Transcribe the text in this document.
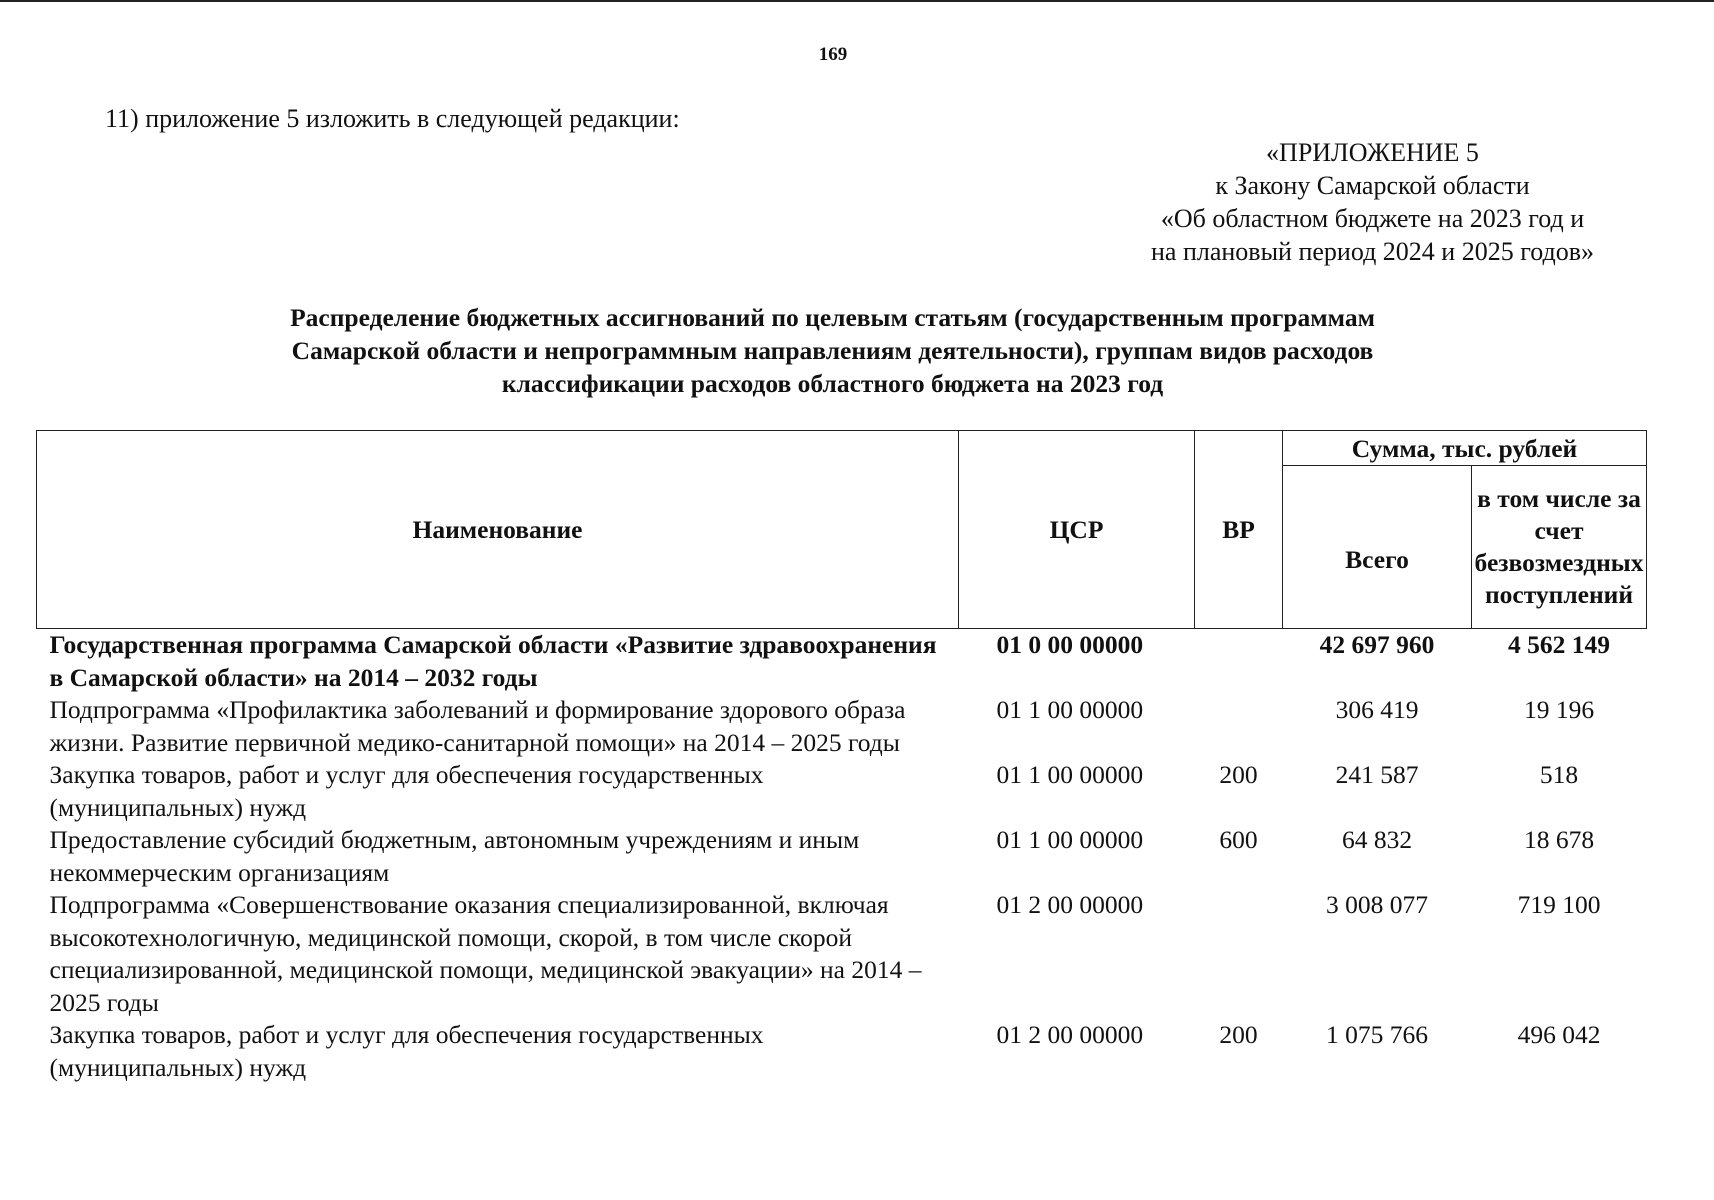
169
11) приложение 5 изложить в следующей редакции:
«ПРИЛОЖЕНИЕ 5
к Закону Самарской области
«Об областном бюджете на 2023 год и
на плановый период 2024 и 2025 годов»
Распределение бюджетных ассигнований по целевым статьям (государственным программам
Самарской области и непрограммным направлениям деятельности), группам видов расходов
классификации расходов областного бюджета на 2023 год
Наименование	ЦСР	ВР	Сумма, тыс. рублей	
			Всего	в том числе за счет безвозмездных поступлений
Государственная программа Самарской области «Развитие здравоохранения в Самарской области» на 2014 – 2032 годы	01 0 00 00000		42 697 960	4 562 149
Подпрограмма «Профилактика заболеваний и формирование здорового образа жизни. Развитие первичной медико-санитарной помощи» на 2014 – 2025 годы	01 1 00 00000		306 419	19 196
Закупка товаров, работ и услуг для обеспечения государственных (муниципальных) нужд	01 1 00 00000	200	241 587	518
Предоставление субсидий бюджетным, автономным учреждениям и иным некоммерческим организациям	01 1 00 00000	600	64 832	18 678
Подпрограмма «Совершенствование оказания специализированной, включая высокотехнологичную, медицинской помощи, скорой, в том числе скорой специализированной, медицинской помощи, медицинской эвакуации» на 2014 – 2025 годы	01 2 00 00000		3 008 077	719 100
Закупка товаров, работ и услуг для обеспечения государственных (муниципальных) нужд	01 2 00 00000	200	1 075 766	496 042
